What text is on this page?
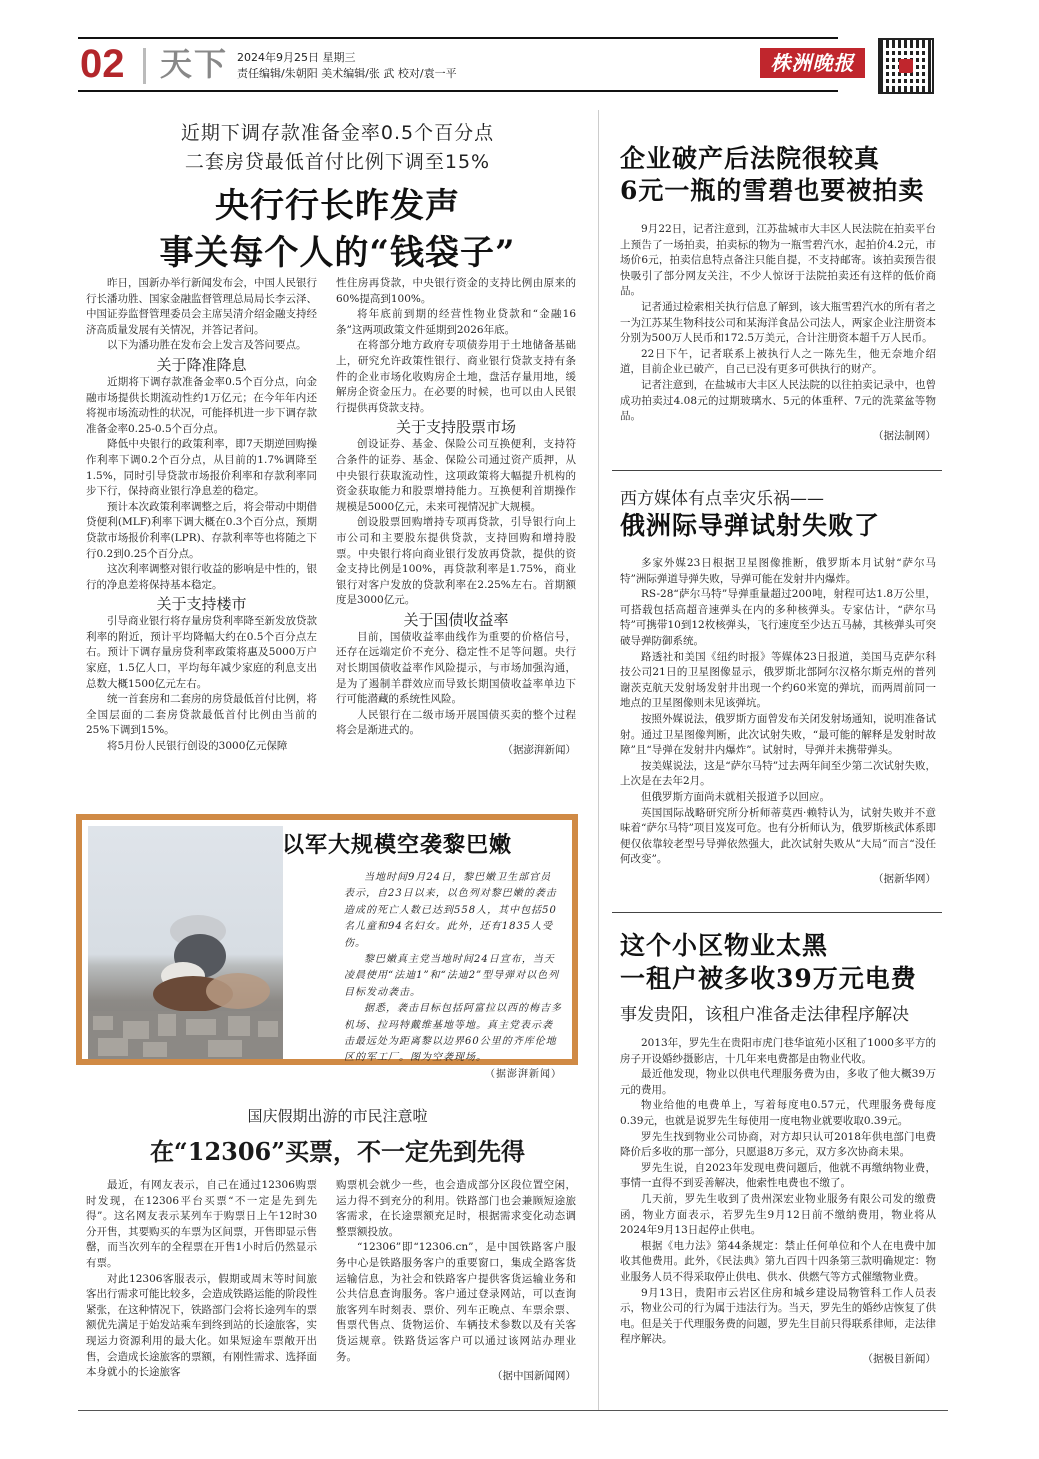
02 天下 2024年9月25日 星期三
责任编辑/朱朝阳 美术编辑/张 武 校对/袁一平	株洲晚报
近期下调存款准备金率0.5个百分点
二套房贷最低首付比例下调至15%
央行行长昨发声
事关每个人的“钱袋子”

昨日，国新办举行新闻发布会，中国人民银行行长潘功胜、国家金融监督管理总局局长李云泽、中国证券监督管理委员会主席吴清介绍金融支持经济高质量发展有关情况，并答记者问。

以下为潘功胜在发布会上发言及答问要点。

关于降准降息

近期将下调存款准备金率0.5个百分点，向金融市场提供长期流动性约1万亿元；在今年年内还将视市场流动性的状况，可能择机进一步下调存款准备金率0.25-0.5个百分点。

降低中央银行的政策利率，即7天期逆回购操作利率下调0.2个百分点，从目前的1.7%调降至1.5%，同时引导贷款市场报价利率和存款利率同步下行，保持商业银行净息差的稳定。

预计本次政策利率调整之后，将会带动中期借贷便利(MLF)利率下调大概在0.3个百分点，预期贷款市场报价利率(LPR)、存款利率等也将随之下行0.2到0.25个百分点。

这次利率调整对银行收益的影响是中性的，银行的净息差将保持基本稳定。

关于支持楼市

引导商业银行将存量房贷利率降至新发放贷款利率的附近，预计平均降幅大约在0.5个百分点左右。预计下调存量房贷利率政策将惠及5000万户家庭，1.5亿人口，平均每年减少家庭的利息支出总数大概1500亿元左右。

统一首套房和二套房的房贷最低首付比例，将全国层面的二套房贷款最低首付比例由当前的25%下调到15%。

将5月份人民银行创设的3000亿元保障

性住房再贷款，中央银行资金的支持比例由原来的60%提高到100%。

将年底前到期的经营性物业贷款和“金融16条”这两项政策文件延期到2026年底。

在将部分地方政府专项债券用于土地储备基础上，研究允许政策性银行、商业银行贷款支持有条件的企业市场化收购房企土地，盘活存量用地，缓解房企资金压力。在必要的时候，也可以由人民银行提供再贷款支持。

关于支持股票市场

创设证券、基金、保险公司互换便利，支持符合条件的证券、基金、保险公司通过资产质押，从中央银行获取流动性，这项政策将大幅提升机构的资金获取能力和股票增持能力。互换便利首期操作规模是5000亿元，未来可视情况扩大规模。

创设股票回购增持专项再贷款，引导银行向上市公司和主要股东提供贷款，支持回购和增持股票。中央银行将向商业银行发放再贷款，提供的资金支持比例是100%，再贷款利率是1.75%，商业银行对客户发放的贷款利率在2.25%左右。首期额度是3000亿元。

关于国债收益率

目前，国债收益率曲线作为重要的价格信号，还存在远端定价不充分、稳定性不足等问题。央行对长期国债收益率作风险提示，与市场加强沟通，是为了遏制羊群效应而导致长期国债收益率单边下行可能潜藏的系统性风险。

人民银行在二级市场开展国债买卖的整个过程将会是渐进式的。

（据澎湃新闻）

以军大规模空袭黎巴嫩

当地时间9月24日，黎巴嫩卫生部官员表示，自23日以来，以色列对黎巴嫩的袭击造成的死亡人数已达到558人，其中包括50名儿童和94名妇女。此外，还有1835人受伤。

黎巴嫩真主党当地时间24日宣布，当天凌晨使用“法迪1”和“法迪2”型导弹对以色列目标发动袭击。

据悉，袭击目标包括阿富拉以西的梅吉多机场、拉玛特戴维基地等地。真主党表示袭击最远处为距离黎以边界60公里的齐库伦地区的军工厂。图为空袭现场。

（据澎湃新闻）

国庆假期出游的市民注意啦
在“12306”买票，不一定先到先得

最近，有网友表示，自己在通过12306购票时发现，在12306平台买票“不一定是先到先得”。这名网友表示某列车于购票日上午12时30分开售，其要购买的车票为区间票，开售即显示售罄，而当次列车的全程票在开售1小时后仍然显示有票。

对此12306客服表示，假期或周末等时间旅客出行需求可能比较多，会造成铁路运能的阶段性紧张，在这种情况下，铁路部门会将长途列车的票额优先满足于始发站乘车到终到站的长途旅客，实现运力资源利用的最大化。如果短途车票敞开出售，会造成长途旅客的票额，有刚性需求、选择面本身就小的长途旅客

购票机会就少一些，也会造成部分区段位置空闲，运力得不到充分的利用。铁路部门也会兼顾短途旅客需求，在长途票额充足时，根据需求变化动态调整票额投放。

“12306”即“12306.cn”，是中国铁路客户服务中心是铁路服务客户的重要窗口，集成全路客货运输信息，为社会和铁路客户提供客货运输业务和公共信息查询服务。客户通过登录网站，可以查询旅客列车时刻表、票价、列车正晚点、车票余票、售票代售点、货物运价、车辆技术参数以及有关客货运规章。铁路货运客户可以通过该网站办理业务。

（据中国新闻网）

企业破产后法院很较真
6元一瓶的雪碧也要被拍卖

9月22日，记者注意到，江苏盐城市大丰区人民法院在拍卖平台上预告了一场拍卖，拍卖标的物为一瓶雪碧汽水，起拍价4.2元，市场价6元，拍卖信息特点备注只能自提，不支持邮寄。该拍卖预告很快吸引了部分网友关注，不少人惊讶于法院拍卖还有这样的低价商品。

记者通过检索相关执行信息了解到，该大瓶雪碧汽水的所有者之一为江苏某生物科技公司和某海洋食品公司法人，两家企业注册资本分别为500万人民币和172.5万美元，合计注册资本超千万人民币。

22日下午，记者联系上被执行人之一陈先生，他无奈地介绍道，目前企业已破产，自己已没有更多可供执行的财产。

记者注意到，在盐城市大丰区人民法院的以往拍卖记录中，也曾成功拍卖过4.08元的过期玻璃水、5元的体重秤、7元的洗菜盆等物品。

（据法制网）

西方媒体有点幸灾乐祸——
俄洲际导弹试射失败了

多家外媒23日根据卫星图像推断，俄罗斯本月试射“萨尔马特”洲际弹道导弹失败，导弹可能在发射井内爆炸。

RS-28“萨尔马特”导弹重量超过200吨，射程可达1.8万公里，可搭载包括高超音速弹头在内的多种核弹头。专家估计，“萨尔马特”可携带10到12枚核弹头，飞行速度至少达五马赫，其核弹头可突破导弹防御系统。

路透社和美国《纽约时报》等媒体23日报道，美国马克萨尔科技公司21日的卫星图像显示，俄罗斯北部阿尔汉格尔斯克州的普列谢茨克航天发射场发射井出现一个约60米宽的弹坑，而两周前同一地点的卫星图像则未见该弹坑。

按照外媒说法，俄罗斯方面曾发布关闭发射场通知，说明准备试射。通过卫星图像判断，此次试射失败，“最可能的解释是发射时故障”且“导弹在发射井内爆炸”。试射时，导弹并未携带弹头。

按美媒说法，这是“萨尔马特”过去两年间至少第二次试射失败，上次是在去年2月。

但俄罗斯方面尚未就相关报道予以回应。

英国国际战略研究所分析师蒂莫西·赖特认为，试射失败并不意味着“萨尔马特”项目岌岌可危。也有分析师认为，俄罗斯核武体系即便仅依靠较老型号导弹依然强大，此次试射失败从“大局”而言“没任何改变”。

（据新华网）

这个小区物业太黑
一租户被多收39万元电费
事发贵阳，该租户准备走法律程序解决

2013年，罗先生在贵阳市虎门巷华谊苑小区租了1000多平方的房子开设婚纱摄影店，十几年来电费都是由物业代收。

最近他发现，物业以供电代理服务费为由，多收了他大概39万元的费用。

物业给他的电费单上，写着每度电0.57元，代理服务费每度0.39元，也就是说罗先生每使用一度电物业就要收取0.39元。

罗先生找到物业公司协商，对方却只认可2018年供电部门电费降价后多收的那一部分，只愿退8万多元，双方多次协商未果。

罗先生说，自2023年发现电费问题后，他就不再缴纳物业费，事情一直得不到妥善解决，他索性电费也不缴了。

几天前，罗先生收到了贵州深宏业物业服务有限公司发的缴费函，物业方面表示，若罗先生9月12日前不缴纳费用，物业将从2024年9月13日起停止供电。

根据《电力法》第44条规定：禁止任何单位和个人在电费中加收其他费用。此外，《民法典》第九百四十四条第三款明确规定：物业服务人员不得采取停止供电、供水、供燃气等方式催缴物业费。

9月13日，贵阳市云岩区住房和城乡建设局物管科工作人员表示，物业公司的行为属于违法行为。当天，罗先生的婚纱店恢复了供电。但是关于代理服务费的问题，罗先生目前只得联系律师，走法律程序解决。

（据极目新闻）
